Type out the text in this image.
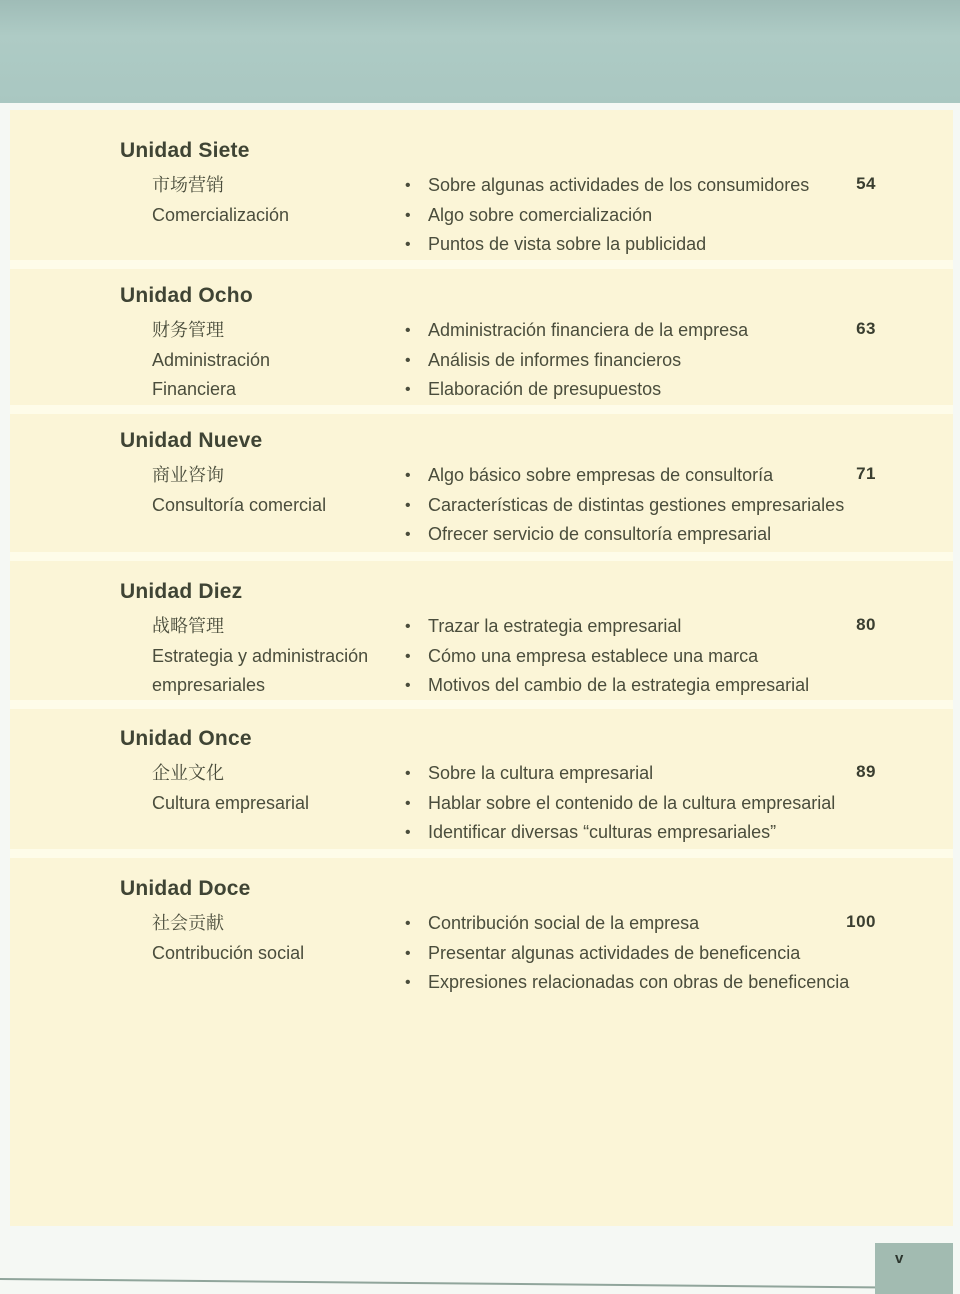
Unidad Siete
市场营销
Comercialización
• Sobre algunas actividades de los consumidores
• Algo sobre comercialización
• Puntos de vista sobre la publicidad
54
Unidad Ocho
财务管理
Administración
Financiera
• Administración financiera de la empresa
• Análisis de informes financieros
• Elaboración de presupuestos
63
Unidad Nueve
商业咨询
Consultoría comercial
• Algo básico sobre empresas de consultoría
• Características de distintas gestiones empresariales
• Ofrecer servicio de consultoría empresarial
71
Unidad Diez
战略管理
Estrategia y administración
empresariales
• Trazar la estrategia empresarial
• Cómo una empresa establece una marca
• Motivos del cambio de la estrategia empresarial
80
Unidad Once
企业文化
Cultura empresarial
• Sobre la cultura empresarial
• Hablar sobre el contenido de la cultura empresarial
• Identificar diversas “culturas empresariales”
89
Unidad Doce
社会贡献
Contribución social
• Contribución social de la empresa
• Presentar algunas actividades de beneficencia
• Expresiones relacionadas con obras de beneficencia
100
v
